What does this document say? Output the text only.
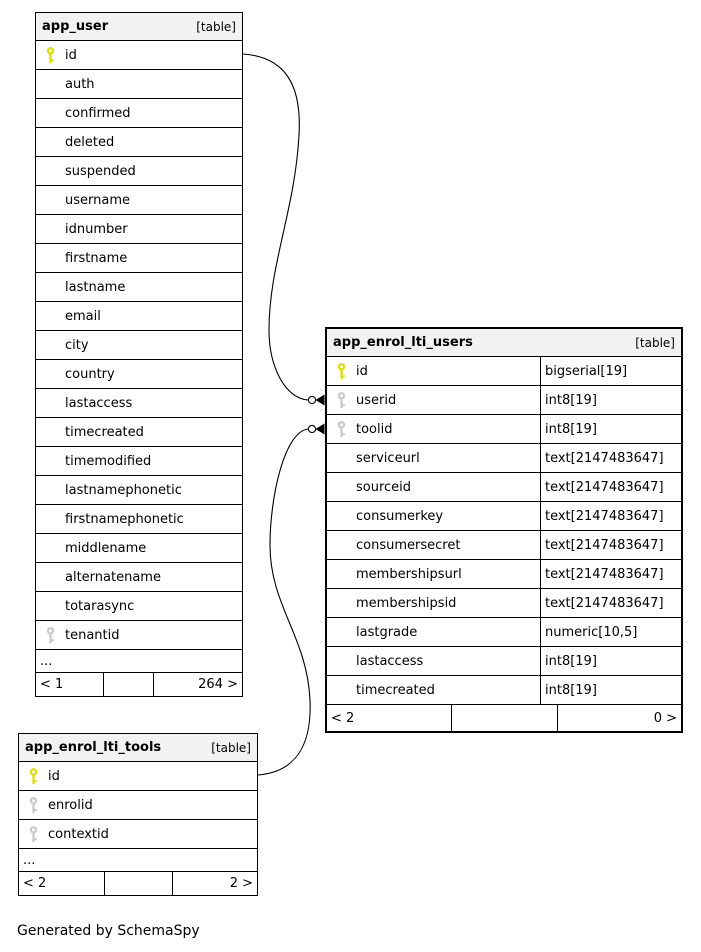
app_user	[table]
id
auth
confirmed
deleted
suspended
username
idnumber
firstname
lastname
email
city
country
lastaccess
timecreated
timemodified
lastnamephonetic
firstnamephonetic
middlename
alternatename
totarasync
tenantid
...
< 1	264 >
app_enrol_lti_users	[table]
id	bigserial[19]
userid	int8[19]
toolid	int8[19]
serviceurl	text[2147483647]
sourceid	text[2147483647]
consumerkey	text[2147483647]
consumersecret	text[2147483647]
membershipsurl	text[2147483647]
membershipsid	text[2147483647]
lastgrade	numeric[10,5]
lastaccess	int8[19]
timecreated	int8[19]
< 2	0 >
app_enrol_lti_tools	[table]
id
enrolid
contextid
...
< 2	2 >
Generated by SchemaSpy
